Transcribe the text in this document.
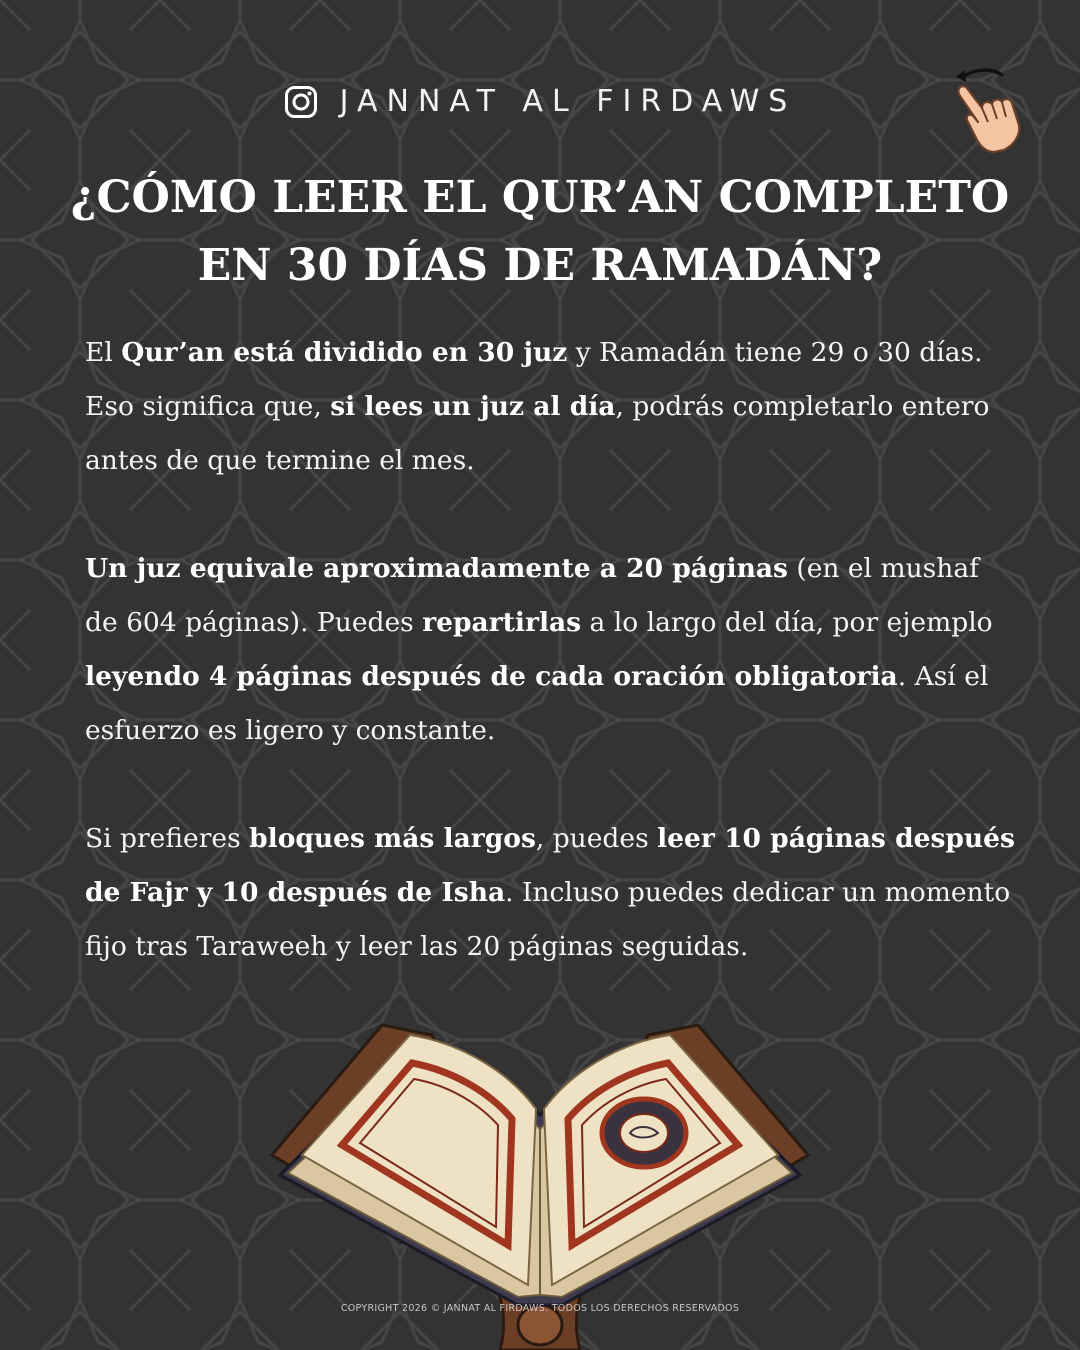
JANNAT AL FIRDAWS
¿CÓMO LEER EL QUR’AN COMPLETO
EN 30 DÍAS DE RAMADÁN?

El Qur’an está dividido en 30 juz y Ramadán tiene 29 o 30 días. Eso significa que, si lees un juz al día, podrás completarlo entero antes de que termine el mes.

Un juz equivale aproximadamente a 20 páginas (en el mushaf de 604 páginas). Puedes repartirlas a lo largo del día, por ejemplo leyendo 4 páginas después de cada oración obligatoria. Así el esfuerzo es ligero y constante.

Si prefieres bloques más largos, puedes leer 10 páginas después de Fajr y 10 después de Isha. Incluso puedes dedicar un momento fijo tras Taraweeh y leer las 20 páginas seguidas.

COPYRIGHT 2026 © JANNAT AL FIRDAWS. TODOS LOS DERECHOS RESERVADOS
